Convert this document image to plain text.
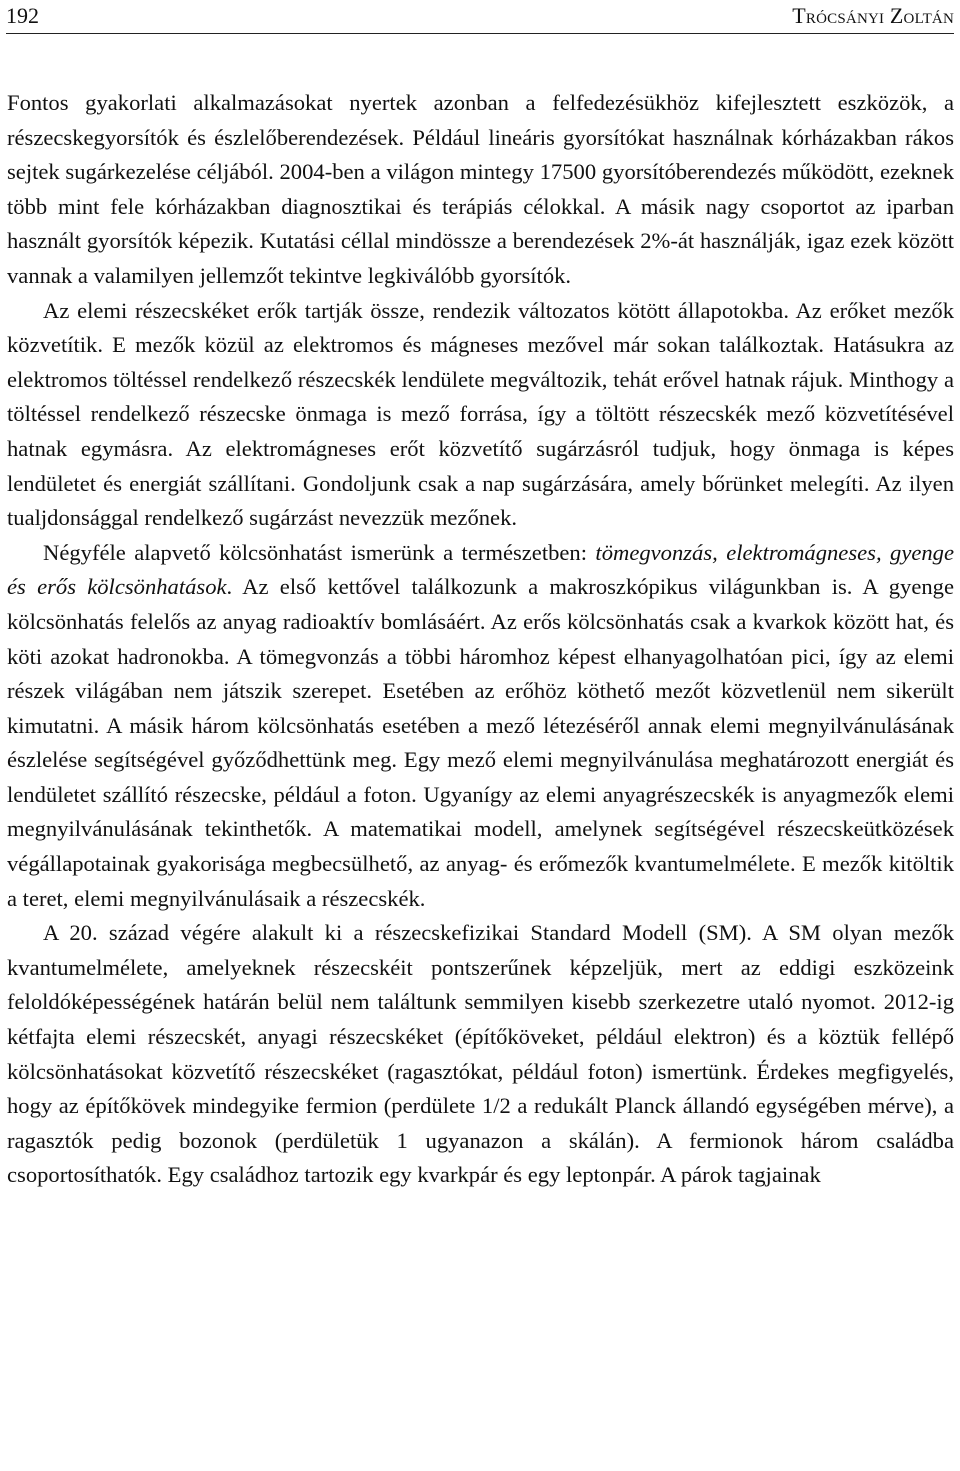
192	Trócsányi Zoltán

Fontos gyakorlati alkalmazásokat nyertek azonban a felfedezésükhöz kifejlesztett eszközök, a részecskegyorsítók és észlelőberendezések. Például lineáris gyorsítókat használnak kórházakban rákos sejtek sugárkezelése céljából. 2004-ben a világon mintegy 17500 gyorsítóberendezés működött, ezeknek több mint fele kórházakban diagnosztikai és terápiás célokkal. A másik nagy csoportot az iparban használt gyorsítók képezik. Kutatási céllal mindössze a berendezések 2%-át használják, igaz ezek között vannak a valamilyen jellemzőt tekintve legkiválóbb gyorsítók.

Az elemi részecskéket erők tartják össze, rendezik változatos kötött állapotokba. Az erőket mezők közvetítik. E mezők közül az elektromos és mágneses mezővel már sokan találkoztak. Hatásukra az elektromos töltéssel rendelkező részecskék lendülete megváltozik, tehát erővel hatnak rájuk. Minthogy a töltéssel rendelkező részecske önmaga is mező forrása, így a töltött részecskék mező közvetítésével hatnak egymásra. Az elektromágneses erőt közvetítő sugárzásról tudjuk, hogy önmaga is képes lendületet és energiát szállítani. Gondoljunk csak a nap sugárzására, amely bőrünket melegíti. Az ilyen tualjdonsággal rendelkező sugárzást nevezzük mezőnek.

Négyféle alapvető kölcsönhatást ismerünk a természetben: tömegvonzás, elektromágneses, gyenge és erős kölcsönhatások. Az első kettővel találkozunk a makroszkópikus világunkban is. A gyenge kölcsönhatás felelős az anyag radioaktív bomlásáért. Az erős kölcsönhatás csak a kvarkok között hat, és köti azokat hadronokba. A tömegvonzás a többi háromhoz képest elhanyagolhatóan pici, így az elemi részek világában nem játszik szerepet. Esetében az erőhöz köthető mezőt közvetlenül nem sikerült kimutatni. A másik három kölcsönhatás esetében a mező létezéséről annak elemi megnyilvánulásának észlelése segítségével győződhettünk meg. Egy mező elemi megnyilvánulása meghatározott energiát és lendületet szállító részecske, például a foton. Ugyanígy az elemi anyagrészecskék is anyagmezők elemi megnyilvánulásának tekinthetők. A matematikai modell, amelynek segítségével részecskeütközések végállapotainak gyakorisága megbecsülhető, az anyag- és erőmezők kvantumelmélete. E mezők kitöltik a teret, elemi megnyilvánulásaik a részecskék.

A 20. század végére alakult ki a részecskefizikai Standard Modell (SM). A SM olyan mezők kvantumelmélete, amelyeknek részecskéit pontszerűnek képzeljük, mert az eddigi eszközeink feloldóképességének határán belül nem találtunk semmilyen kisebb szerkezetre utaló nyomot. 2012-ig kétfajta elemi részecskét, anyagi részecskéket (építőköveket, például elektron) és a köztük fellépő kölcsönhatásokat közvetítő részecskéket (ragasztókat, például foton) ismertünk. Érdekes megfigyelés, hogy az építőkövek mindegyike fermion (perdülete 1/2 a redukált Planck állandó egységében mérve), a ragasztók pedig bozonok (perdületük 1 ugyanazon a skálán). A fermionok három családba csoportosíthatók. Egy családhoz tartozik egy kvarkpár és egy leptonpár. A párok tagjainak
